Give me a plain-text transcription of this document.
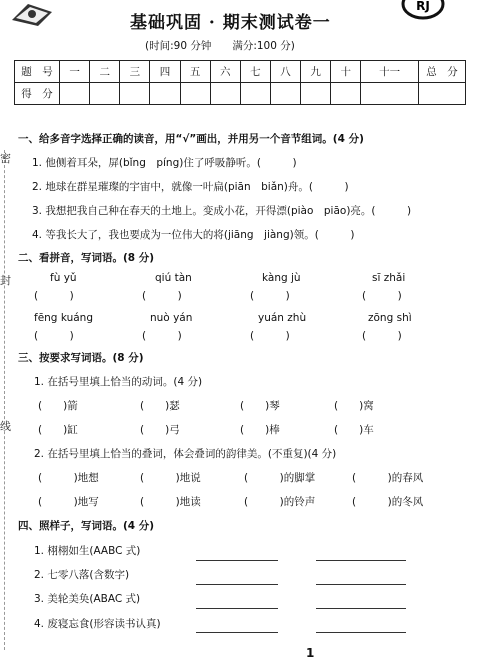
RJ
基础巩固 · 期末测试卷一
(时间:90 分钟　　满分:100 分)
题　号	一	二	三	四	五	六	七	八	九	十	十一	总　分
得　分												
密
封
线
一、给多音字选择正确的读音，用“√”画出，并用另一个音节组词。(4 分)
1. 他侧着耳朵，屏(bǐng　píng)住了呼吸静听。(　　　)
2. 地球在群星璀璨的宇宙中，就像一叶扁(piān　biǎn)舟。(　　　)
3. 我想把我自己种在春天的土地上。变成小花，开得漂(piào　piāo)亮。(　　　)
4. 等我长大了，我也要成为一位伟大的将(jiāng　jiàng)领。(　　　)
二、看拼音，写词语。(8 分)
fù yǔ	qiú tàn	kàng jù	sī zhǎi
(　　　)	(　　　)	(　　　)	(　　　)
fēng kuáng	nuò yán	yuán zhù	zōng shì
(　　　)	(　　　)	(　　　)	(　　　)
三、按要求写词语。(8 分)
1. 在括号里填上恰当的动词。(4 分)
(　　)箭	(　　)瑟	(　　)琴	(　　)窝
(　　)缸	(　　)弓	(　　)棒	(　　)车
2. 在括号里填上恰当的叠词，体会叠词的韵律美。(不重复)(4 分)
(　　　)地想	(　　　)地说	(　　　)的脚掌	(　　　)的春风
(　　　)地写	(　　　)地读	(　　　)的铃声	(　　　)的冬风
四、照样子，写词语。(4 分)
1. 栩栩如生(AABC 式)
2. 七零八落(含数字)
3. 美轮美奂(ABAC 式)
4. 废寝忘食(形容读书认真)
1
